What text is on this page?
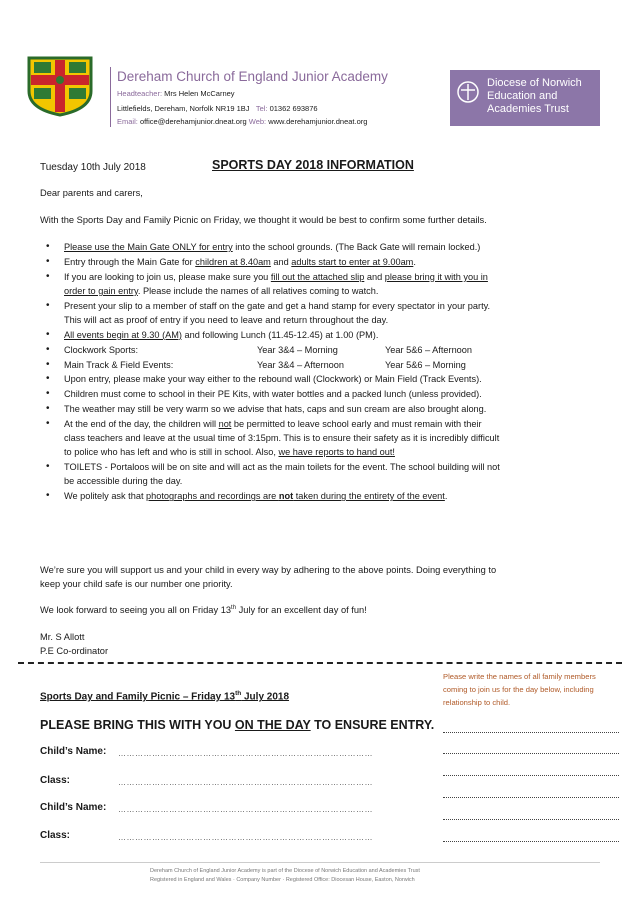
Dereham Church of England Junior Academy
Headteacher: Mrs Helen McCarney
Littlefields, Dereham, Norfolk NR19 1BJ Tel: 01362 693876
Email: office@derehamjunior.dneat.org Web: www.derehamjunior.dneat.org
Diocese of Norwich
Education and
Academies Trust
Tuesday 10th July 2018	SPORTS DAY 2018 INFORMATION
Dear parents and carers,
With the Sports Day and Family Picnic on Friday, we thought it would be best to confirm some further details.
• Please use the Main Gate ONLY for entry into the school grounds. (The Back Gate will remain locked.)
• Entry through the Main Gate for children at 8.40am and adults start to enter at 9.00am.
• If you are looking to join us, please make sure you fill out the attached slip and please bring it with you in
order to gain entry. Please include the names of all relatives coming to watch.
• Present your slip to a member of staff on the gate and get a hand stamp for every spectator in your party.
This will act as proof of entry if you need to leave and return throughout the day.
• All events begin at 9.30 (AM) and following Lunch (11.45-12.45) at 1.00 (PM).
• Clockwork Sports:	Year 3&4 – Morning	Year 5&6 – Afternoon
• Main Track & Field Events:	Year 3&4 – Afternoon	Year 5&6 – Morning
• Upon entry, please make your way either to the rebound wall (Clockwork) or Main Field (Track Events).
• Children must come to school in their PE Kits, with water bottles and a packed lunch (unless provided).
• The weather may still be very warm so we advise that hats, caps and sun cream are also brought along.
• At the end of the day, the children will not be permitted to leave school early and must remain with their
class teachers and leave at the usual time of 3:15pm. This is to ensure their safety as it is incredibly difficult
to police who has left and who is still in school. Also, we have reports to hand out!
• TOILETS - Portaloos will be on site and will act as the main toilets for the event. The school building will not
be accessible during the day.
• We politely ask that photographs and recordings are not taken during the entirety of the event.
We’re sure you will support us and your child in every way by adhering to the above points. Doing everything to
keep your child safe is our number one priority.
We look forward to seeing you all on Friday 13th July for an excellent day of fun!
Mr. S Allott
P.E Co-ordinator
Sports Day and Family Picnic – Friday 13th July 2018
PLEASE BRING THIS WITH YOU ON THE DAY TO ENSURE ENTRY.
Child’s Name: ………………………………………………………………………………
Class:	………………………………………………………………………………
Child’s Name: ………………………………………………………………………………
Class:	………………………………………………………………………………
Please write the names of all family members coming to join us for the day below, including relationship to child.
Dereham Church of England Junior Academy is part of the Diocese of Norwich Education and Academies Trust
Registered in England and Wales · Company Number · Registered Office: Diocesan House, Easton, Norwich
